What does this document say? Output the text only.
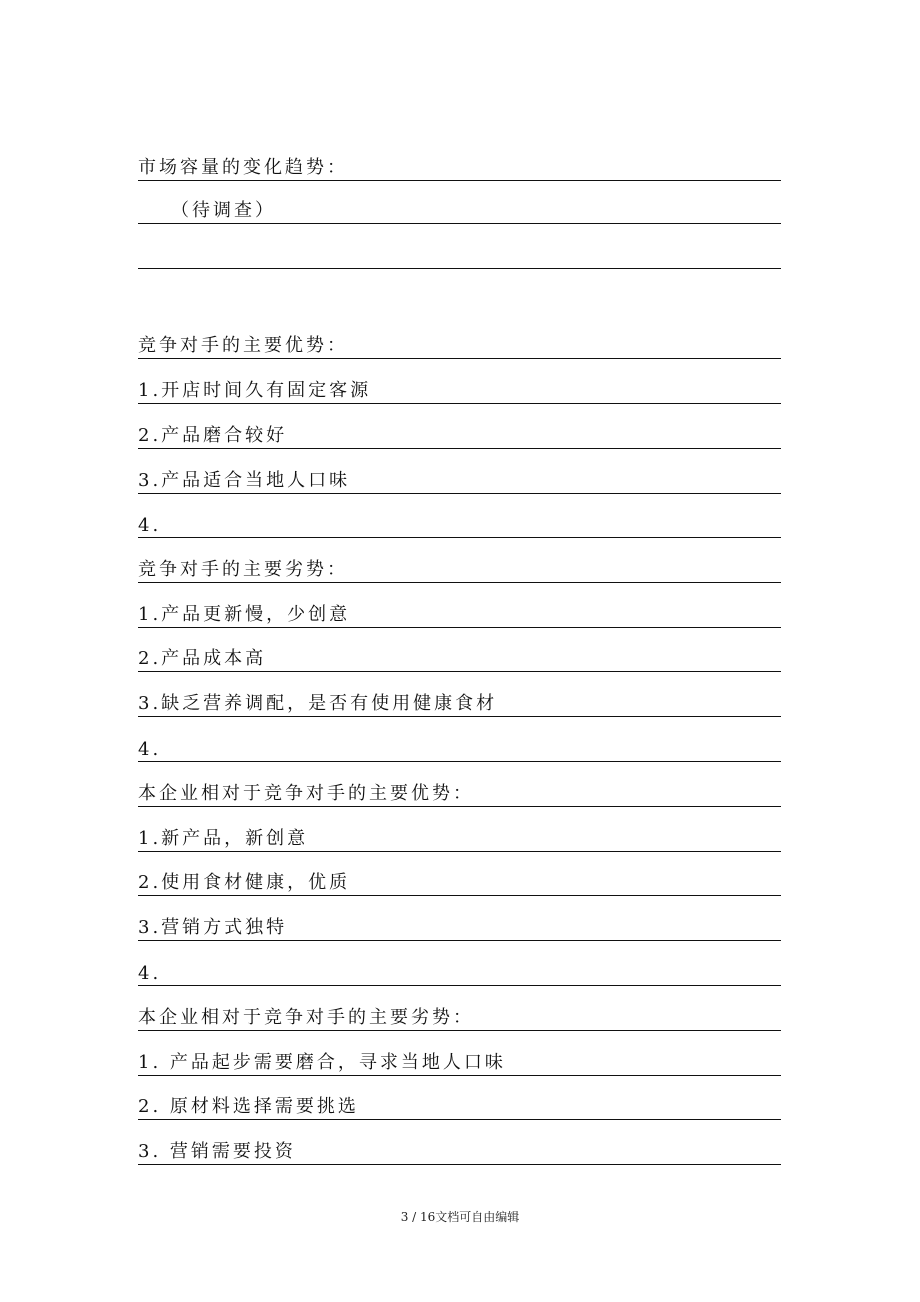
市场容量的变化趋势：
　　（待调查）
竞争对手的主要优势：
1.开店时间久有固定客源
2.产品磨合较好
3.产品适合当地人口味
4.
竞争对手的主要劣势：
1.产品更新慢，少创意
2.产品成本高
3.缺乏营养调配，是否有使用健康食材
4.
本企业相对于竞争对手的主要优势：
1.新产品，新创意
2.使用食材健康，优质
3.营销方式独特
4.
本企业相对于竞争对手的主要劣势：
1. 产品起步需要磨合，寻求当地人口味
2. 原材料选择需要挑选
3. 营销需要投资
3 / 16文档可自由编辑
